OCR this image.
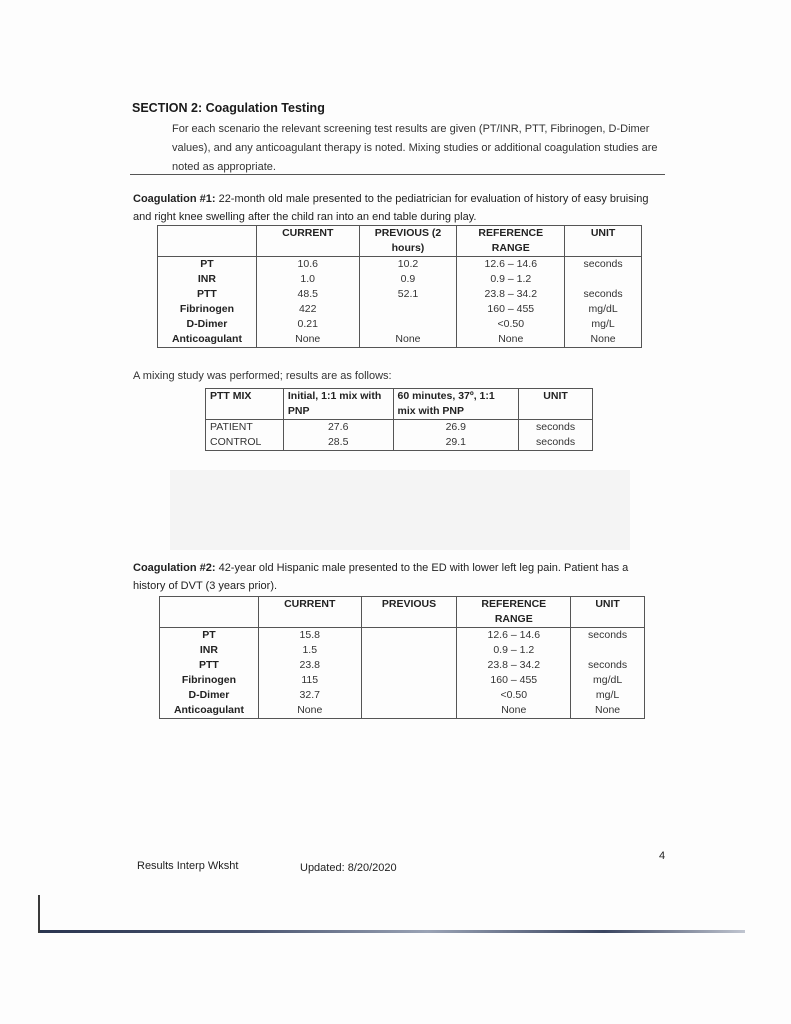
SECTION 2: Coagulation Testing
For each scenario the relevant screening test results are given (PT/INR, PTT, Fibrinogen, D-Dimer values), and any anticoagulant therapy is noted. Mixing studies or additional coagulation studies are noted as appropriate.
Coagulation #1: 22-month old male presented to the pediatrician for evaluation of history of easy bruising and right knee swelling after the child ran into an end table during play.
	CURRENT	PREVIOUS (2 hours)	REFERENCE RANGE	UNIT
PT	10.6	10.2	12.6 – 14.6	seconds
INR	1.0	0.9	0.9 – 1.2	
PTT	48.5	52.1	23.8 – 34.2	seconds
Fibrinogen	422		160 – 455	mg/dL
D-Dimer	0.21		<0.50	mg/L
Anticoagulant	None	None	None	None
A mixing study was performed; results are as follows:
PTT MIX	Initial, 1:1 mix with PNP	60 minutes, 37º, 1:1 mix with PNP	UNIT
PATIENT	27.6	26.9	seconds
CONTROL	28.5	29.1	seconds
Coagulation #2: 42-year old Hispanic male presented to the ED with lower left leg pain. Patient has a history of DVT (3 years prior).
	CURRENT	PREVIOUS	REFERENCE RANGE	UNIT
PT	15.8		12.6 – 14.6	seconds
INR	1.5		0.9 – 1.2	
PTT	23.8		23.8 – 34.2	seconds
Fibrinogen	115		160 – 455	mg/dL
D-Dimer	32.7		<0.50	mg/L
Anticoagulant	None		None	None
4
Results Interp Wksht	Updated: 8/20/2020
